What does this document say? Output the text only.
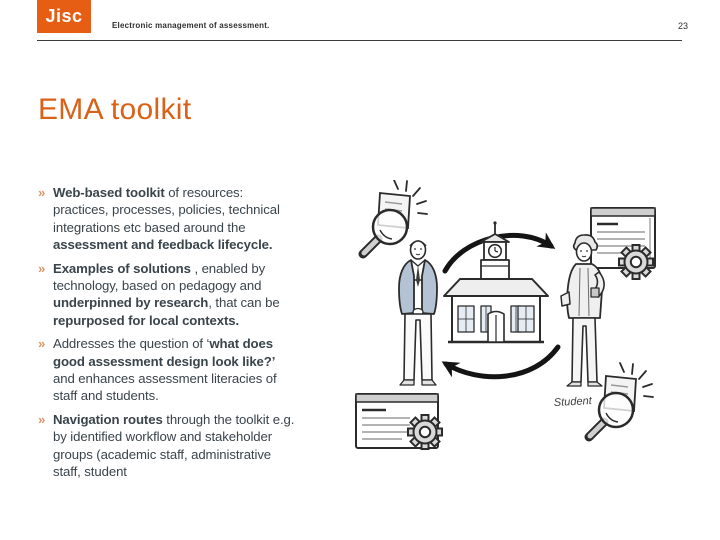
Jisc	Electronic management of assessment.	23
EMA toolkit
» Web-based toolkit of resources: practices, processes, policies, technical integrations etc based around the assessment and feedback lifecycle.
» Examples of solutions , enabled by technology, based on pedagogy and underpinned by research, that can be repurposed for local contexts.
» Addresses the question of ‘what does good assessment design look like?’ and enhances assessment literacies of staff and students.
» Navigation routes through the toolkit e.g. by identified workflow and stakeholder groups (academic staff, administrative staff, student
Student
